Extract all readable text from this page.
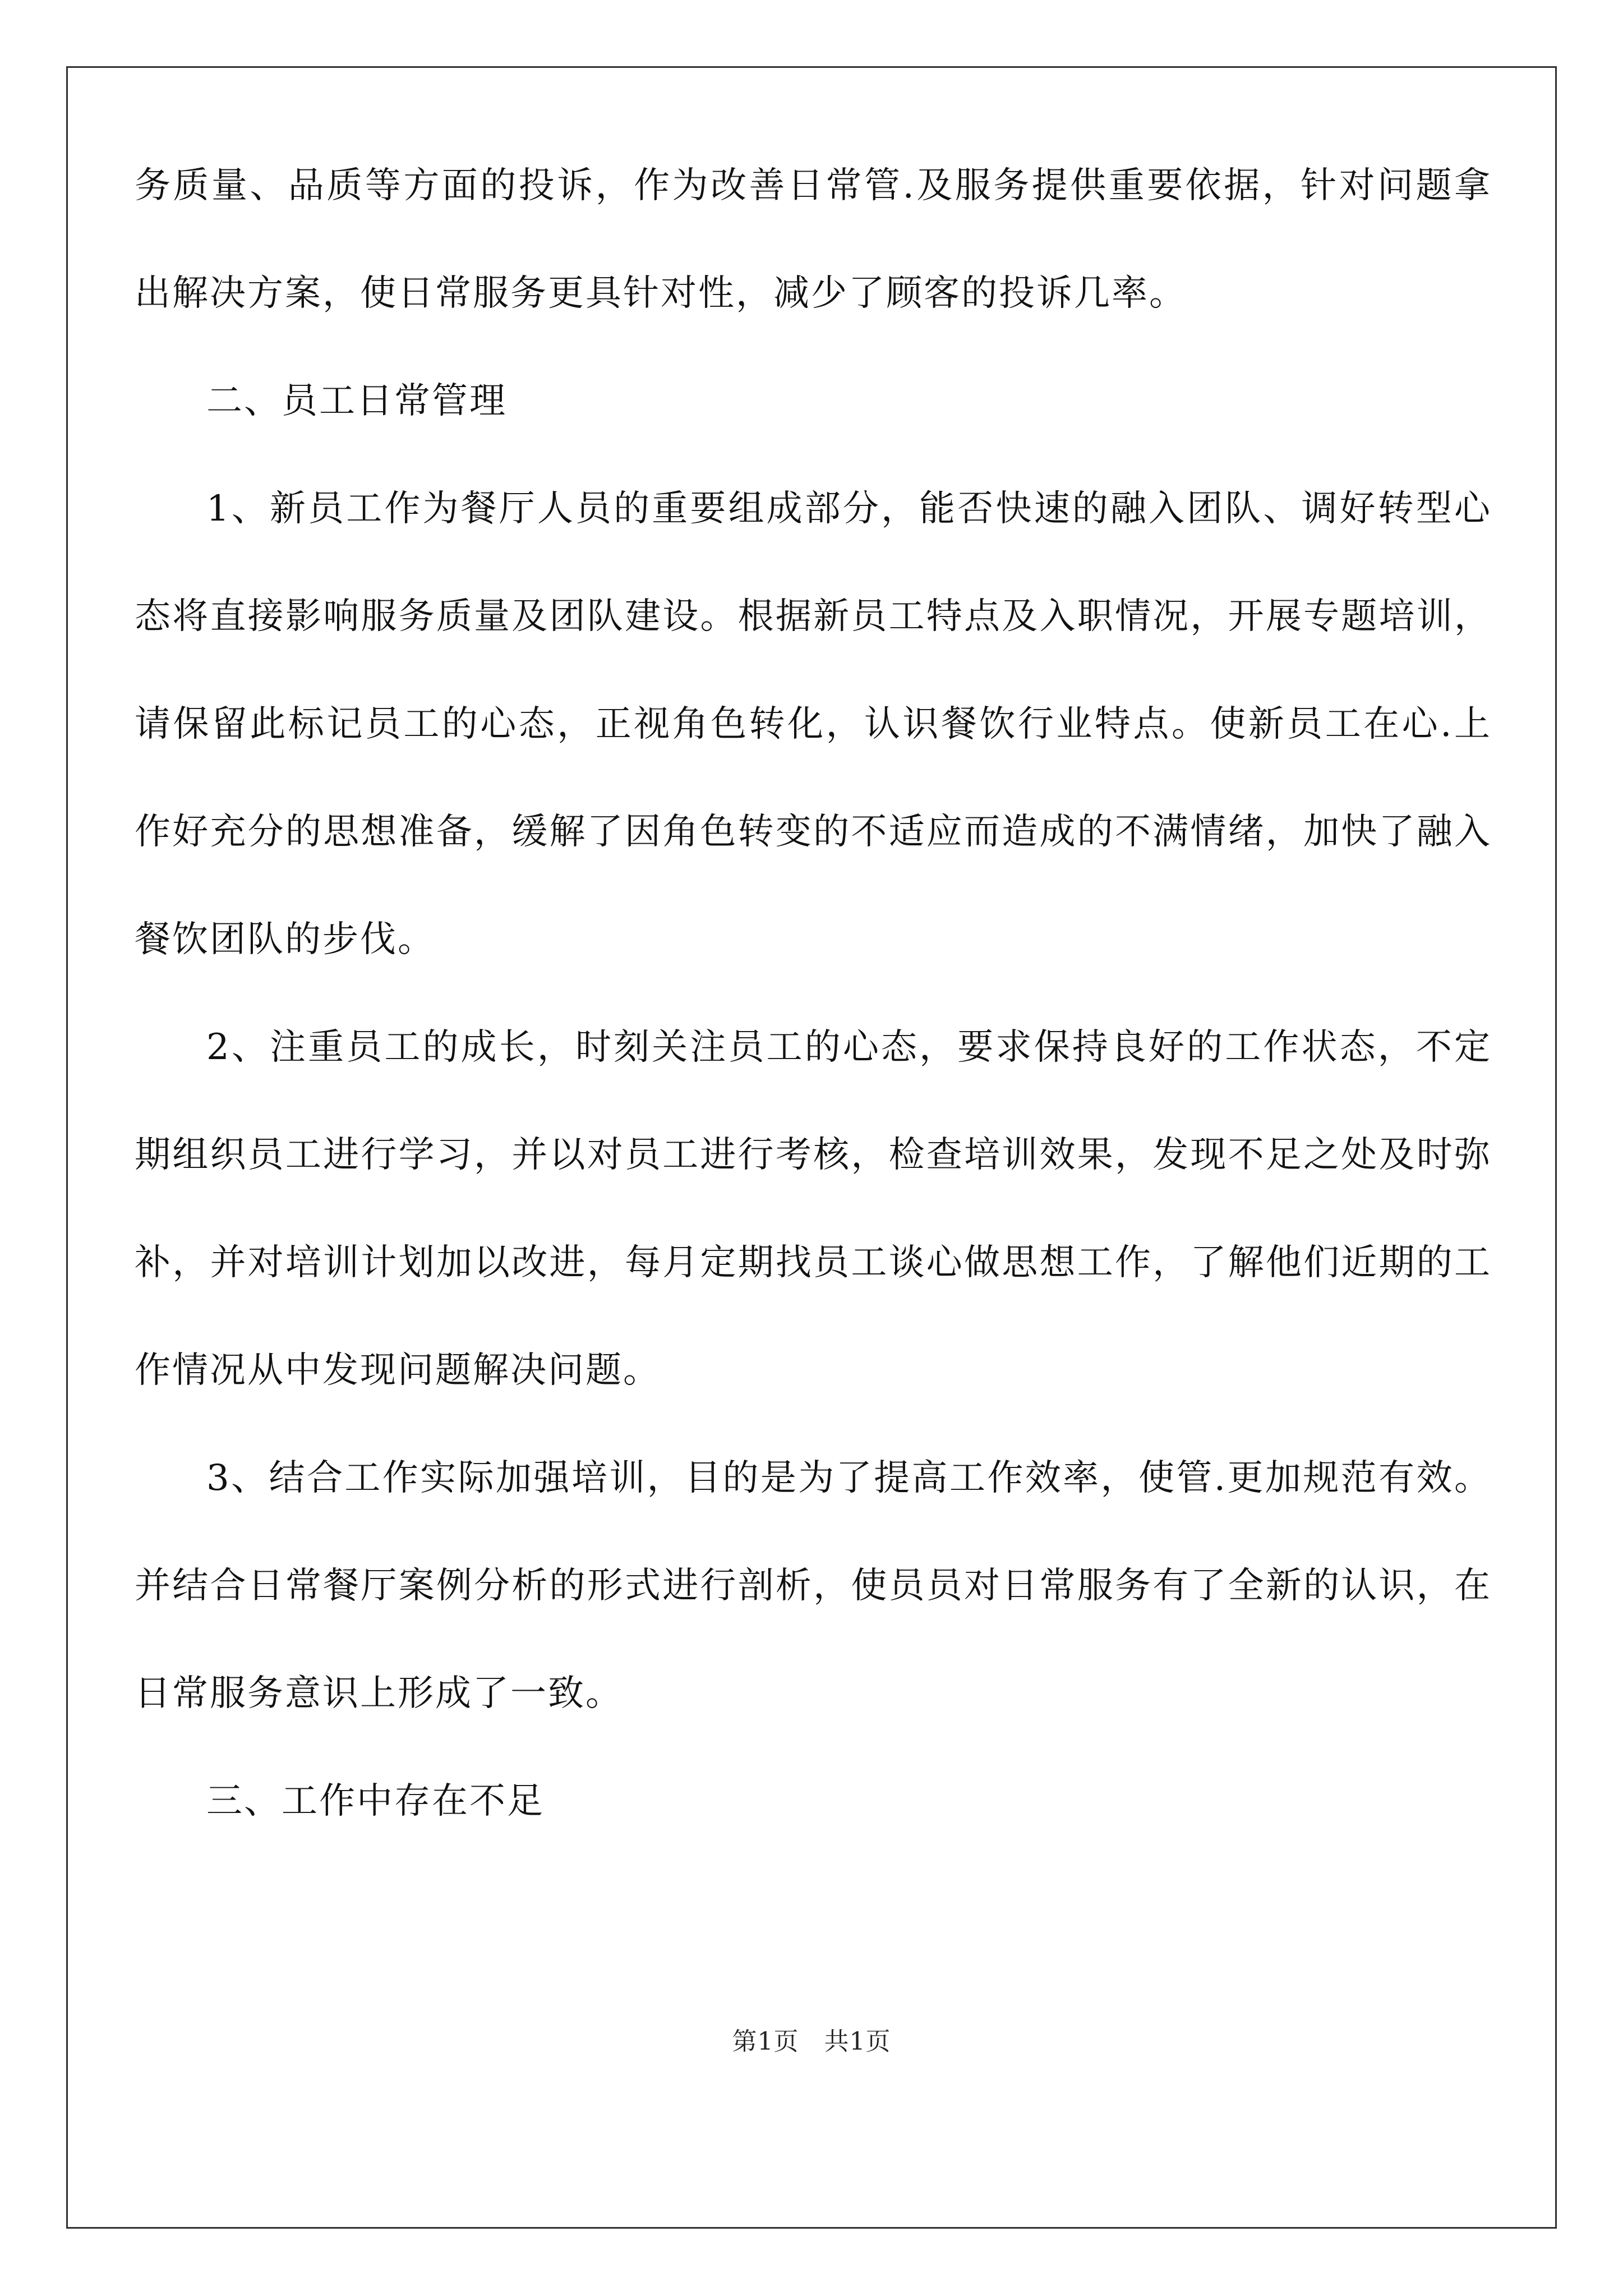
务质量、品质等方面的投诉，作为改善日常管.及服务提供重要依据，针对问题拿出解决方案，使日常服务更具针对性，减少了顾客的投诉几率。

二、员工日常管理

1、新员工作为餐厅人员的重要组成部分，能否快速的融入团队、调好转型心态将直接影响服务质量及团队建设。根据新员工特点及入职情况，开展专题培训，请保留此标记员工的心态，正视角色转化，认识餐饮行业特点。使新员工在心.上作好充分的思想准备，缓解了因角色转变的不适应而造成的不满情绪，加快了融入餐饮团队的步伐。

2、注重员工的成长，时刻关注员工的心态，要求保持良好的工作状态，不定期组织员工进行学习，并以对员工进行考核，检查培训效果，发现不足之处及时弥补，并对培训计划加以改进，每月定期找员工谈心做思想工作，了解他们近期的工作情况从中发现问题解决问题。

3、结合工作实际加强培训，目的是为了提高工作效率，使管.更加规范有效。并结合日常餐厅案例分析的形式进行剖析，使员员对日常服务有了全新的认识，在日常服务意识上形成了一致。

三、工作中存在不足

第1页   共1页
